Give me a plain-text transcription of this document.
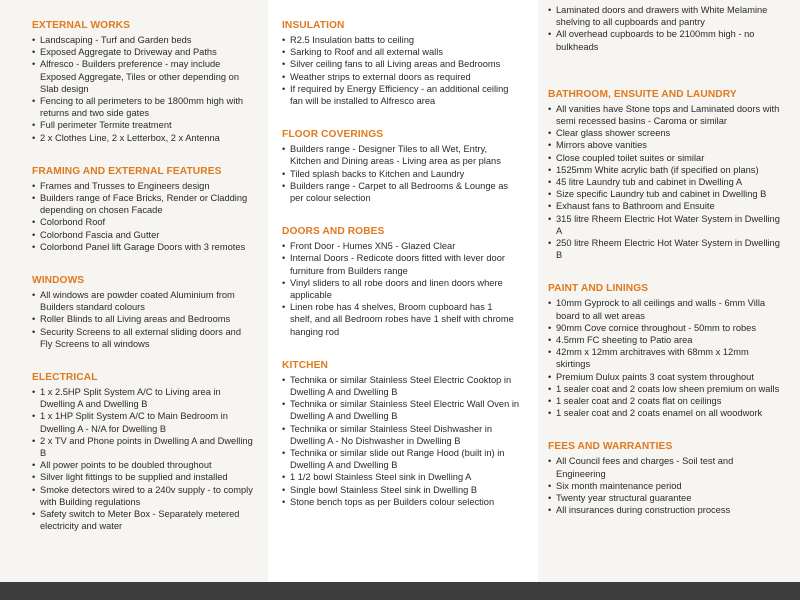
EXTERNAL WORKS
• Landscaping - Turf and Garden beds
• Exposed Aggregate to Driveway and Paths
• Alfresco - Builders preference - may include Exposed Aggregate, Tiles or other depending on Slab design
• Fencing to all perimeters to be 1800mm high with returns and two side gates
• Full perimeter Termite treatment
• 2 x Clothes Line, 2 x Letterbox, 2 x Antenna
FRAMING AND EXTERNAL FEATURES
• Frames and Trusses to Engineers design
• Builders range of Face Bricks, Render or Cladding depending on chosen Facade
• Colorbond Roof
• Colorbond Fascia and Gutter
• Colorbond Panel lift Garage Doors with 3 remotes
WINDOWS
• All windows are powder coated Aluminium from Builders standard colours
• Roller Blinds to all Living areas and Bedrooms
• Security Screens to all external sliding doors and Fly Screens to all windows
ELECTRICAL
• 1 x 2.5HP Split System A/C to Living area in Dwelling A and Dwelling B
• 1 x 1HP Split System A/C to Main Bedroom in Dwelling A - N/A for Dwelling B
• 2 x TV and Phone points in Dwelling A and Dwelling B
• All power points to be doubled throughout
• Silver light fittings to be supplied and installed
• Smoke detectors wired to a 240v supply - to comply with Building regulations
• Safety switch to Meter Box - Separately metered electricity and water
INSULATION
• R2.5 Insulation batts to ceiling
• Sarking to Roof and all external walls
• Silver ceiling fans to all Living areas and Bedrooms
• Weather strips to external doors as required
• If required by Energy Efficiency - an additional ceiling fan will be installed to Alfresco area
FLOOR COVERINGS
• Builders range - Designer Tiles to all Wet, Entry, Kitchen and Dining areas - Living area as per plans
• Tiled splash backs to Kitchen and Laundry
• Builders range - Carpet to all Bedrooms & Lounge as per colour selection
DOORS AND ROBES
• Front Door - Humes XN5 - Glazed Clear
• Internal Doors - Redicote doors fitted with lever door furniture from Builders range
• Vinyl sliders to all robe doors and linen doors where applicable
• Linen robe has 4 shelves, Broom cupboard has 1 shelf, and all Bedroom robes have 1 shelf with chrome hanging rod
KITCHEN
• Technika or similar Stainless Steel Electric Cooktop in Dwelling A and Dwelling B
• Technika or similar Stainless Steel Electric Wall Oven in Dwelling A and Dwelling B
• Technika or similar Stainless Steel Dishwasher in Dwelling A - No Dishwasher in Dwelling B
• Technika or similar slide out Range Hood (built in) in Dwelling A and Dwelling B
• 1 1/2 bowl Stainless Steel sink in Dwelling A
• Single bowl Stainless Steel sink in Dwelling B
• Stone bench tops as per Builders colour selection
• Laminated doors and drawers with White Melamine shelving to all cupboards and pantry
• All overhead cupboards to be 2100mm high - no bulkheads
BATHROOM, ENSUITE AND LAUNDRY
• All vanities have Stone tops and Laminated doors with semi recessed basins - Caroma or similar
• Clear glass shower screens
• Mirrors above vanities
• Close coupled toilet suites or similar
• 1525mm White acrylic bath (if specified on plans)
• 45 litre Laundry tub and cabinet in Dwelling A
• Size specific Laundry tub and cabinet in Dwelling B
• Exhaust fans to Bathroom and Ensuite
• 315 litre Rheem Electric Hot Water System in Dwelling A
• 250 litre Rheem Electric Hot Water System in Dwelling B
PAINT AND LININGS
• 10mm Gyprock to all ceilings and walls - 6mm Villa board to all wet areas
• 90mm Cove cornice throughout - 50mm to robes
• 4.5mm FC sheeting to Patio area
• 42mm x 12mm architraves with 68mm x 12mm skirtings
• Premium Dulux paints 3 coat system throughout
• 1 sealer coat and 2 coats low sheen premium on walls
• 1 sealer coat and 2 coats flat on ceilings
• 1 sealer coat and 2 coats enamel on all woodwork
FEES AND WARRANTIES
• All Council fees and charges - Soil test and Engineering
• Six month maintenance period
• Twenty year structural guarantee
• All insurances during construction process
